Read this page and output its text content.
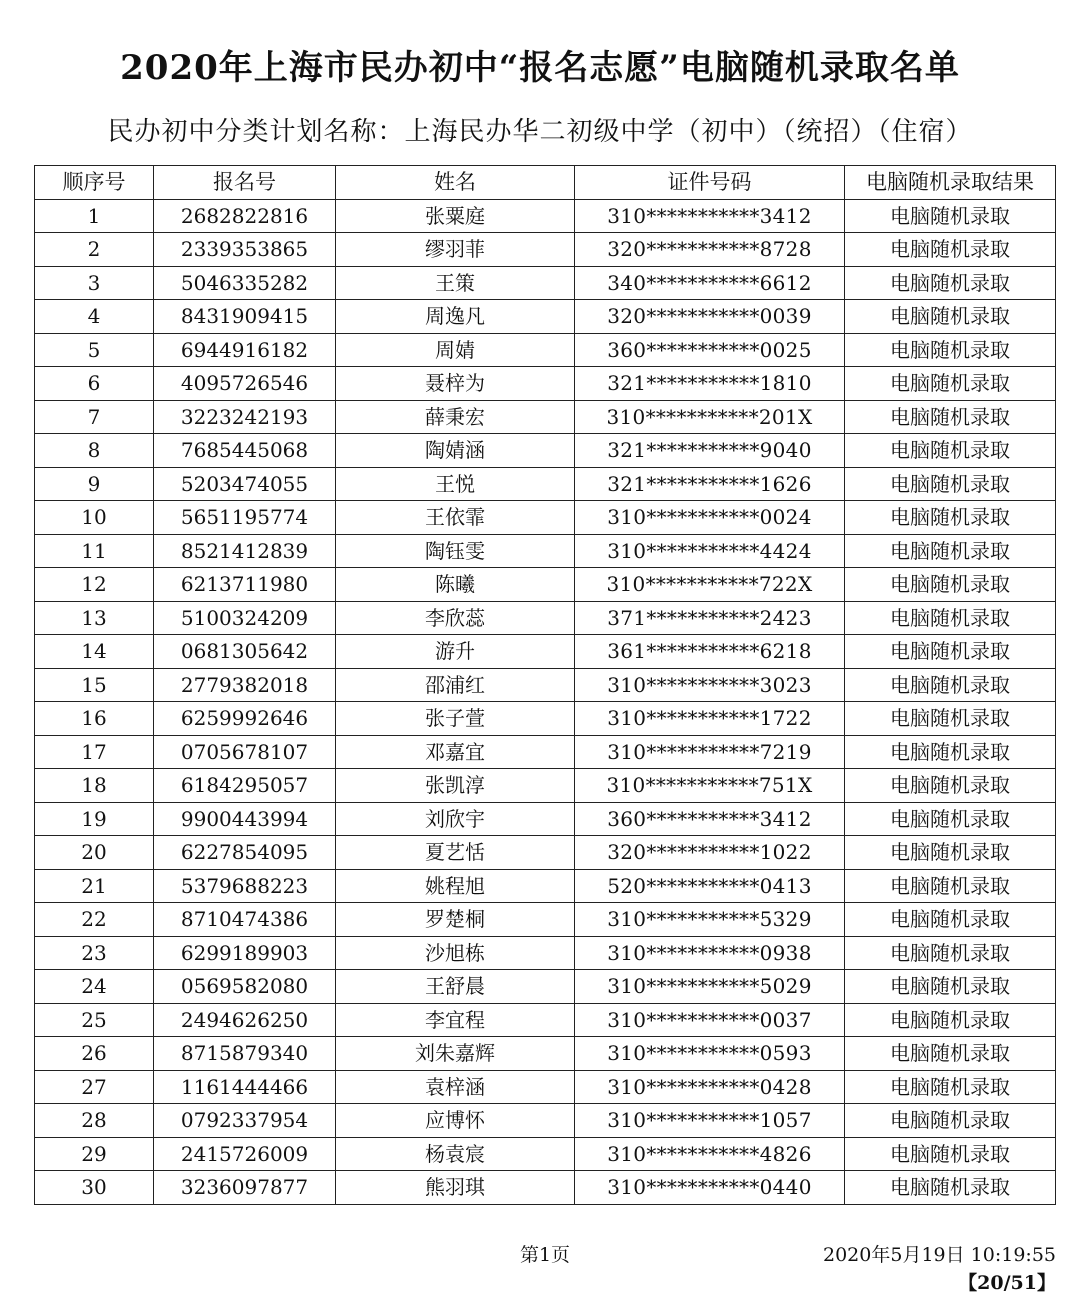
2020年上海市民办初中“报名志愿”电脑随机录取名单
民办初中分类计划名称：上海民办华二初级中学（初中）（统招）（住宿）
顺序号	报名号	姓名	证件号码	电脑随机录取结果
1	2682822816	张粟庭	310***********3412	电脑随机录取
2	2339353865	缪羽菲	320***********8728	电脑随机录取
3	5046335282	王策	340***********6612	电脑随机录取
4	8431909415	周逸凡	320***********0039	电脑随机录取
5	6944916182	周婧	360***********0025	电脑随机录取
6	4095726546	聂梓为	321***********1810	电脑随机录取
7	3223242193	薛秉宏	310***********201X	电脑随机录取
8	7685445068	陶婧涵	321***********9040	电脑随机录取
9	5203474055	王悦	321***********1626	电脑随机录取
10	5651195774	王依霏	310***********0024	电脑随机录取
11	8521412839	陶钰雯	310***********4424	电脑随机录取
12	6213711980	陈曦	310***********722X	电脑随机录取
13	5100324209	李欣蕊	371***********2423	电脑随机录取
14	0681305642	游升	361***********6218	电脑随机录取
15	2779382018	邵浦红	310***********3023	电脑随机录取
16	6259992646	张子萱	310***********1722	电脑随机录取
17	0705678107	邓嘉宜	310***********7219	电脑随机录取
18	6184295057	张凯淳	310***********751X	电脑随机录取
19	9900443994	刘欣宇	360***********3412	电脑随机录取
20	6227854095	夏艺恬	320***********1022	电脑随机录取
21	5379688223	姚程旭	520***********0413	电脑随机录取
22	8710474386	罗楚桐	310***********5329	电脑随机录取
23	6299189903	沙旭栋	310***********0938	电脑随机录取
24	0569582080	王舒晨	310***********5029	电脑随机录取
25	2494626250	李宜程	310***********0037	电脑随机录取
26	8715879340	刘朱嘉辉	310***********0593	电脑随机录取
27	1161444466	袁梓涵	310***********0428	电脑随机录取
28	0792337954	应博怀	310***********1057	电脑随机录取
29	2415726009	杨袁宸	310***********4826	电脑随机录取
30	3236097877	熊羽琪	310***********0440	电脑随机录取
第1页	2020年5月19日 10:19:55
【20/51】
